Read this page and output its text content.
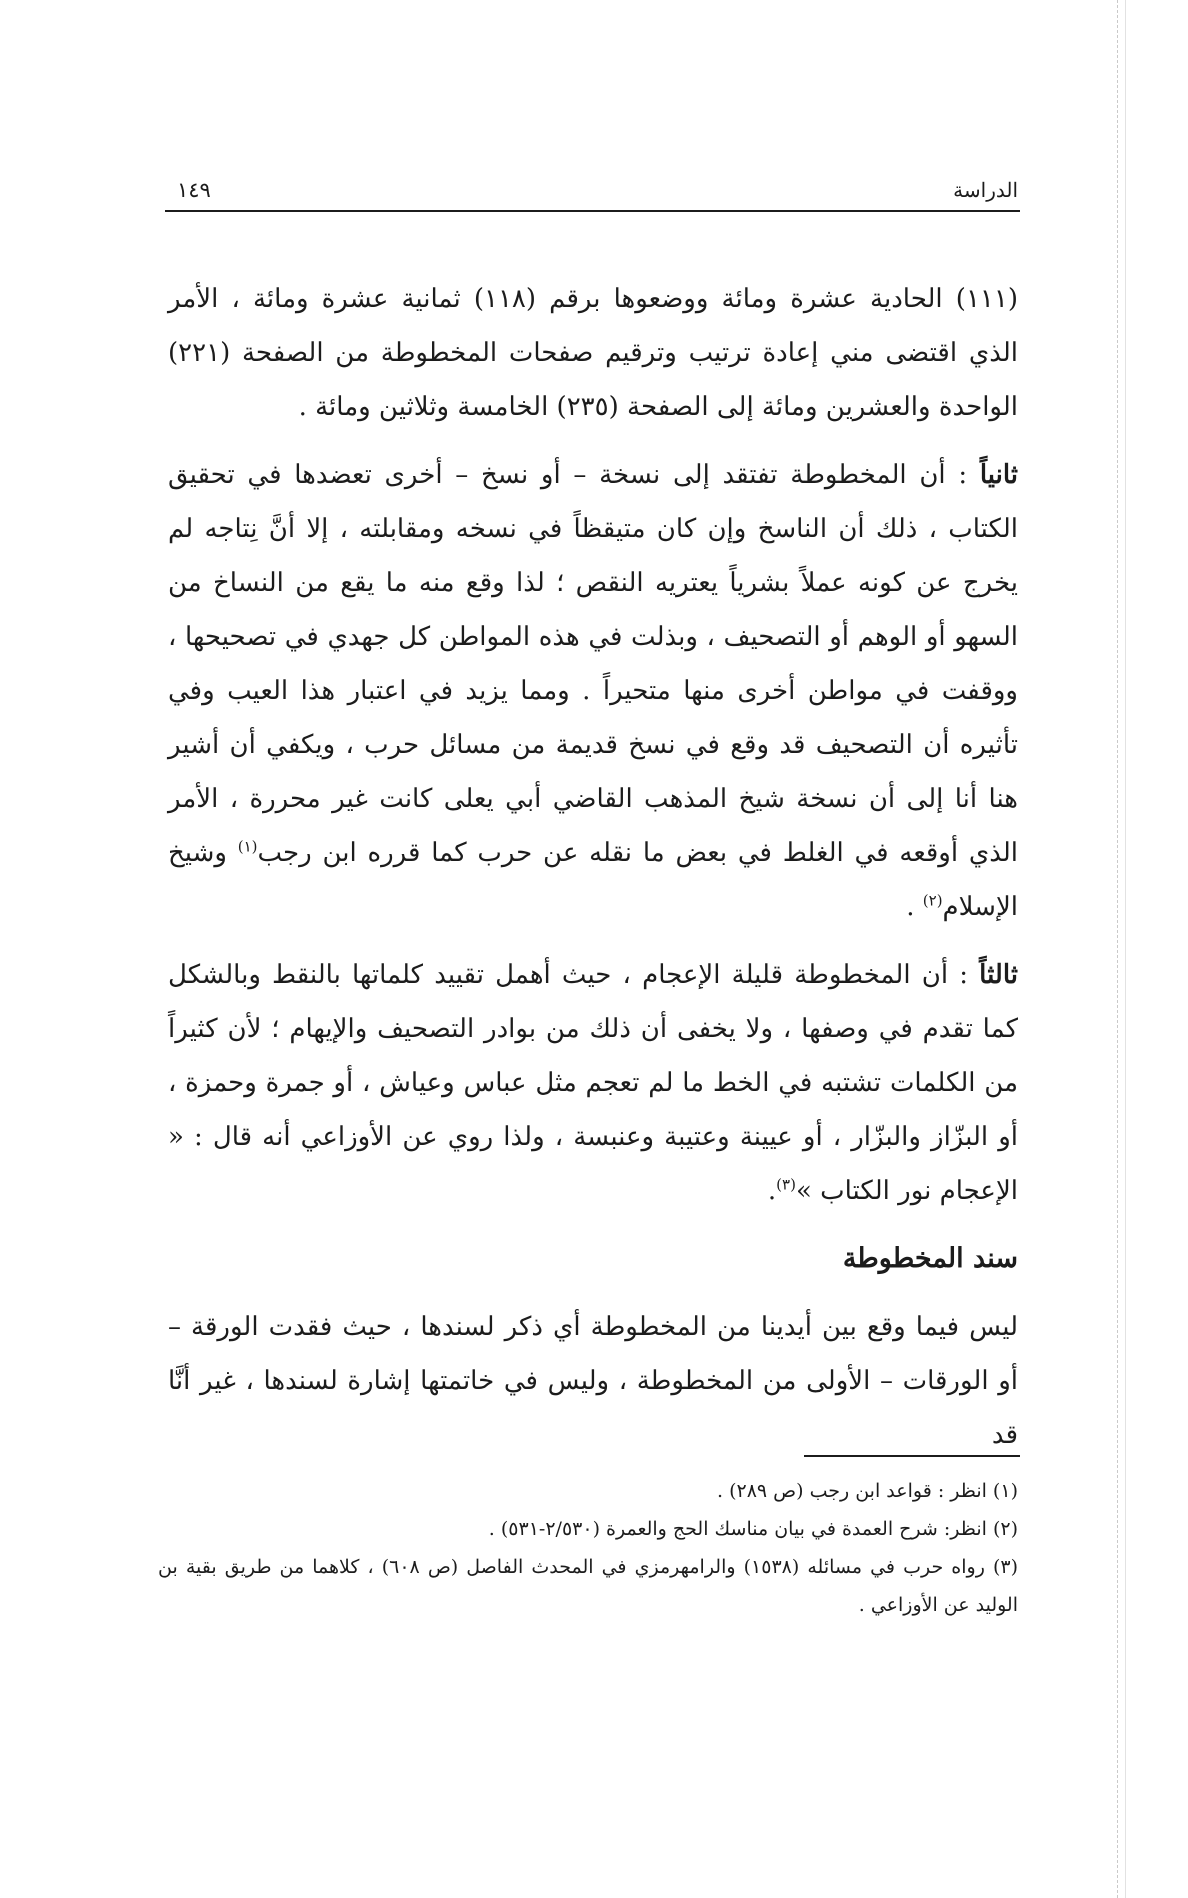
الدراسة
١٤٩

(١١١) الحادية عشرة ومائة ووضعوها برقم (١١٨) ثمانية عشرة ومائة ، الأمر الذي اقتضى مني إعادة ترتيب وترقيم صفحات المخطوطة من الصفحة (٢٢١) الواحدة والعشرين ومائة إلى الصفحة (٢٣٥) الخامسة وثلاثين ومائة .

ثانياً : أن المخطوطة تفتقد إلى نسخة – أو نسخ – أخرى تعضدها في تحقيق الكتاب ، ذلك أن الناسخ وإن كان متيقظاً في نسخه ومقابلته ، إلا أنَّ نِتاجه لم يخرج عن كونه عملاً بشرياً يعتريه النقص ؛ لذا وقع منه ما يقع من النساخ من السهو أو الوهم أو التصحيف ، وبذلت في هذه المواطن كل جهدي في تصحيحها ، ووقفت في مواطن أخرى منها متحيراً . ومما يزيد في اعتبار هذا العيب وفي تأثيره أن التصحيف قد وقع في نسخ قديمة من مسائل حرب ، ويكفي أن أشير هنا أنا إلى أن نسخة شيخ المذهب القاضي أبي يعلى كانت غير محررة ، الأمر الذي أوقعه في الغلط في بعض ما نقله عن حرب كما قرره ابن رجب$^{(١)}$ وشيخ الإسلام$^{(٢)}$ .

ثالثاً : أن المخطوطة قليلة الإعجام ، حيث أهمل تقييد كلماتها بالنقط وبالشكل كما تقدم في وصفها ، ولا يخفى أن ذلك من بوادر التصحيف والإيهام ؛ لأن كثيراً من الكلمات تشتبه في الخط ما لم تعجم مثل عباس وعياش ، أو جمرة وحمزة ، أو البزّاز والبزّار ، أو عيينة وعتيبة وعنبسة ، ولذا روي عن الأوزاعي أنه قال : « الإعجام نور الكتاب »$^{(٣)}$.

سند المخطوطة

ليس فيما وقع بين أيدينا من المخطوطة أي ذكر لسندها ، حيث فقدت الورقة – أو الورقات – الأولى من المخطوطة ، وليس في خاتمتها إشارة لسندها ، غير أنَّا قد

(١) انظر : قواعد ابن رجب (ص ٢٨٩) .

(٢) انظر: شرح العمدة في بيان مناسك الحج والعمرة (٢/٥٣٠-٥٣١) .

(٣) رواه حرب في مسائله (١٥٣٨) والرامهرمزي في المحدث الفاصل (ص ٦٠٨) ، كلاهما من طريق بقية بن الوليد عن الأوزاعي .
